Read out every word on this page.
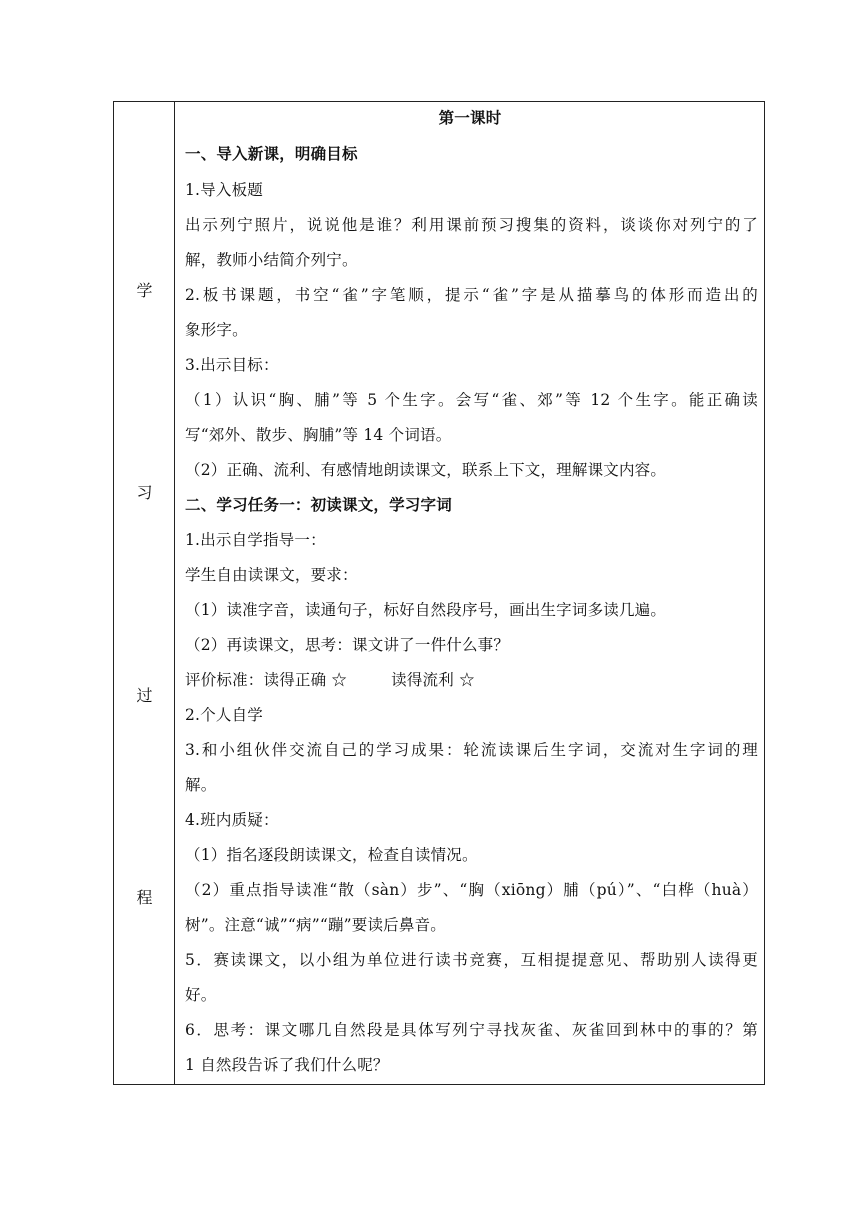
学
习
过
程
第一课时
一、导入新课，明确目标
1.导入板题
出示列宁照片，说说他是谁？利用课前预习搜集的资料，谈谈你对列宁的了
解，教师小结简介列宁。
2.板书课题，书空“雀”字笔顺，提示“雀”字是从描摹鸟的体形而造出的
象形字。
3.出示目标：
（1）认识“胸、脯”等 5 个生字。会写“雀、郊”等 12 个生字。能正确读
写“郊外、散步、胸脯”等 14 个词语。
（2）正确、流利、有感情地朗读课文，联系上下文，理解课文内容。
二、学习任务一：初读课文，学习字词
1.出示自学指导一：
学生自由读课文，要求：
（1）读准字音，读通句子，标好自然段序号，画出生字词多读几遍。
（2）再读课文，思考：课文讲了一件什么事？
评价标准：读得正确 ☆	读得流利 ☆
2.个人自学
3.和小组伙伴交流自己的学习成果：轮流读课后生字词，交流对生字词的理
解。
4.班内质疑：
（1）指名逐段朗读课文，检查自读情况。
（2）重点指导读准“散（sàn）步”、“胸（xiōng）脯（pú）”、“白桦（huà）
树”。注意“诚”“病”“蹦”要读后鼻音。
5．赛读课文，以小组为单位进行读书竞赛，互相提提意见、帮助别人读得更
好。
6．思考：课文哪几自然段是具体写列宁寻找灰雀、灰雀回到林中的事的？第
1 自然段告诉了我们什么呢？
